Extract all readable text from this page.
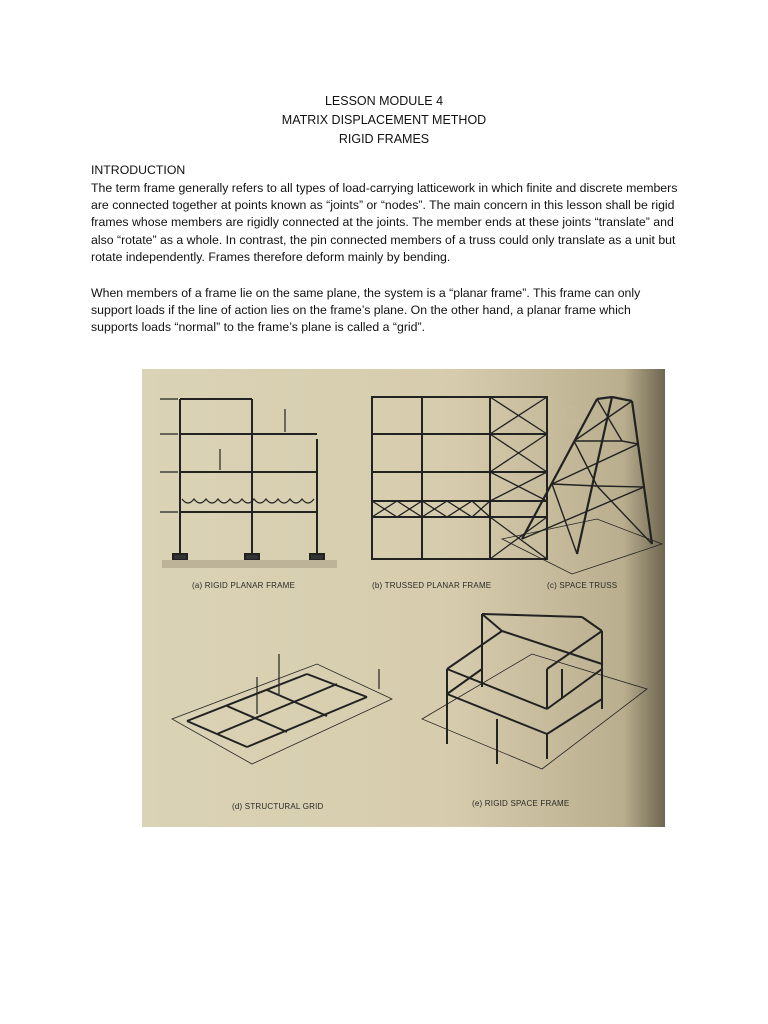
LESSON MODULE 4
MATRIX DISPLACEMENT METHOD
RIGID FRAMES
INTRODUCTION

The term frame generally refers to all types of load-carrying latticework in which finite and discrete members are connected together at points known as “joints” or “nodes”. The main concern in this lesson shall be rigid frames whose members are rigidly connected at the joints. The member ends at these joints “translate” and also “rotate” as a whole. In contrast, the pin connected members of a truss could only translate as a unit but rotate independently. Frames therefore deform mainly by bending.

When members of a frame lie on the same plane, the system is a “planar frame”. This frame can only support loads if the line of action lies on the frame’s plane. On the other hand, a planar frame which supports loads “normal” to the frame’s plane is called a “grid”.

C
(a) RIGID PLANAR FRAME	(b) TRUSSED PLANAR FRAME	(c) SPACE TRUSS
(d) STRUCTURAL GRID	(e) RIGID SPACE FRAME
